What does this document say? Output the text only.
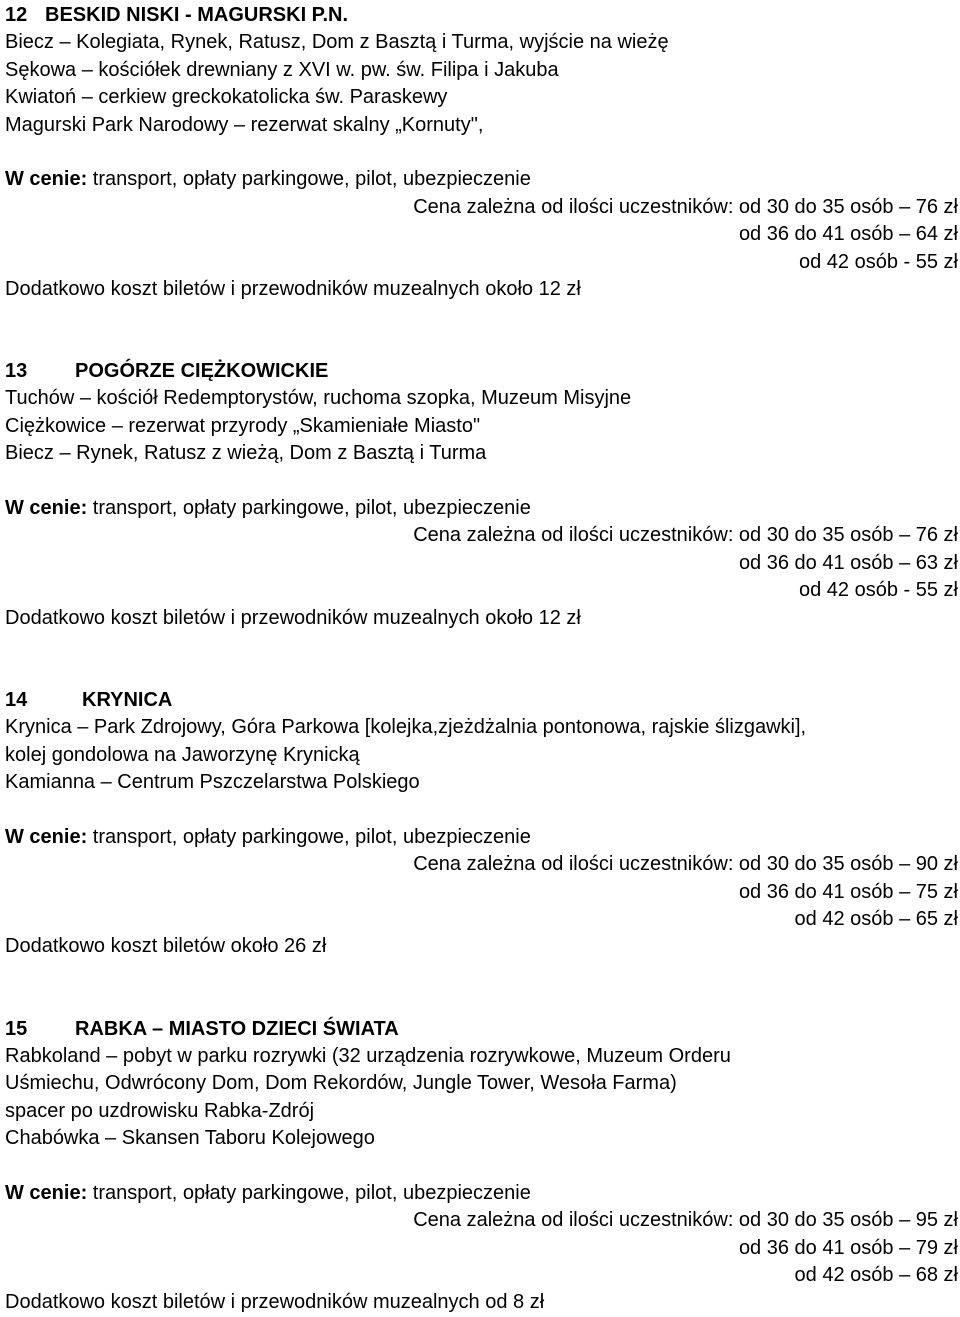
12 BESKID NISKI - MAGURSKI P.N.
Biecz – Kolegiata, Rynek, Ratusz, Dom z Basztą i Turma, wyjście na wieżę
Sękowa – kościółek drewniany z XVI w. pw. św. Filipa i Jakuba
Kwiatoń – cerkiew greckokatolicka św. Paraskewy
Magurski Park Narodowy – rezerwat skalny „Kornuty",
W cenie: transport, opłaty parkingowe, pilot, ubezpieczenie
Cena zależna od ilości uczestników: od 30 do 35 osób – 76 zł
od 36 do 41 osób – 64 zł
od 42 osób - 55 zł
Dodatkowo koszt biletów i przewodników muzealnych około 12 zł
13 POGÓRZE CIĘŻKOWICKIE
Tuchów – kościół Redemptorystów, ruchoma szopka, Muzeum Misyjne
Ciężkowice – rezerwat przyrody „Skamieniałe Miasto"
Biecz – Rynek, Ratusz z wieżą, Dom z Basztą i Turma
W cenie: transport, opłaty parkingowe, pilot, ubezpieczenie
Cena zależna od ilości uczestników: od 30 do 35 osób – 76 zł
od 36 do 41 osób – 63 zł
od 42 osób - 55 zł
Dodatkowo koszt biletów i przewodników muzealnych około 12 zł
14	KRYNICA
Krynica – Park Zdrojowy, Góra Parkowa [kolejka,zjeżdżalnia pontonowa, rajskie ślizgawki],
kolej gondolowa na Jaworzynę Krynicką
Kamianna – Centrum Pszczelarstwa Polskiego
W cenie: transport, opłaty parkingowe, pilot, ubezpieczenie
Cena zależna od ilości uczestników: od 30 do 35 osób – 90 zł
od 36 do 41 osób – 75 zł
od 42 osób – 65 zł
Dodatkowo koszt biletów około 26 zł
15 RABKA – MIASTO DZIECI ŚWIATA
Rabkoland – pobyt w parku rozrywki (32 urządzenia rozrywkowe, Muzeum Orderu
Uśmiechu, Odwrócony Dom, Dom Rekordów, Jungle Tower, Wesoła Farma)
spacer po uzdrowisku Rabka-Zdrój
Chabówka – Skansen Taboru Kolejowego
W cenie: transport, opłaty parkingowe, pilot, ubezpieczenie
Cena zależna od ilości uczestników: od 30 do 35 osób – 95 zł
od 36 do 41 osób – 79 zł
od 42 osób – 68 zł
Dodatkowo koszt biletów i przewodników muzealnych od 8 zł
